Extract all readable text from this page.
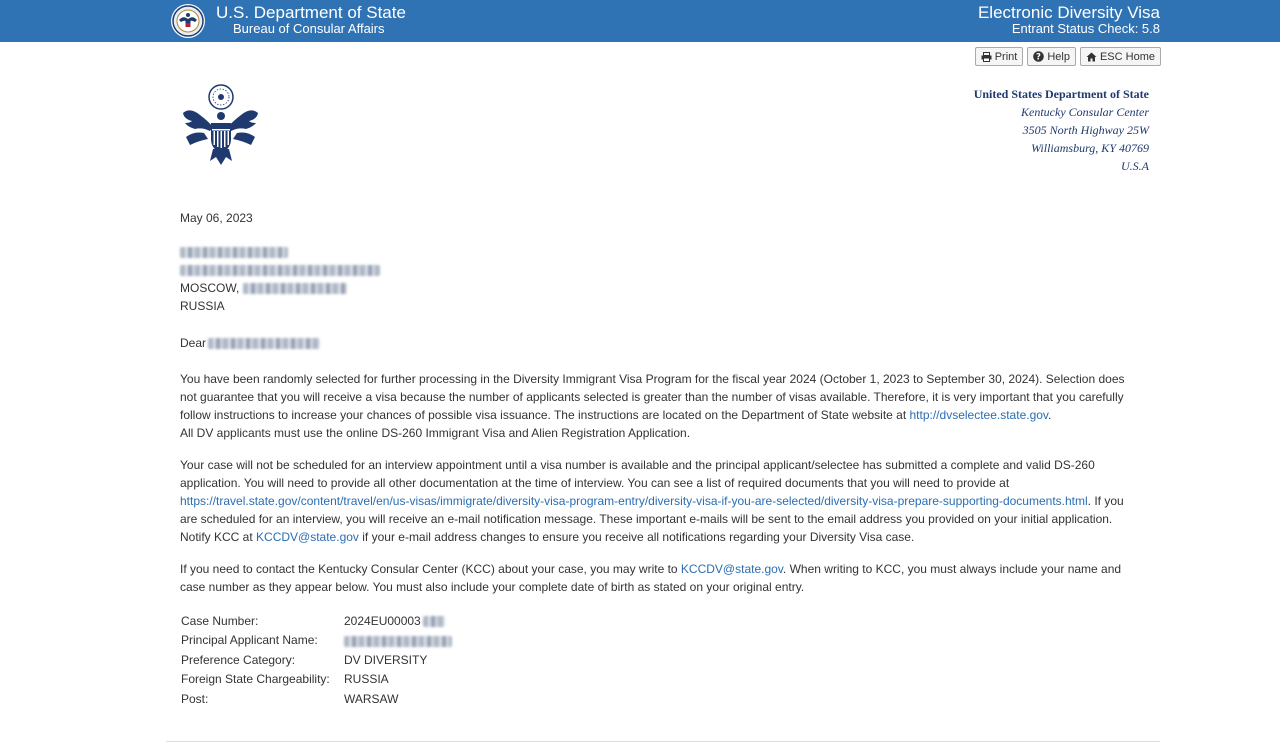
U.S. Department of State
Bureau of Consular Affairs
Electronic Diversity Visa
Entrant Status Check: 5.8
Print ? Help	ESC Home
United States Department of State
Kentucky Consular Center
3505 North Highway 25W
Williamsburg, KY 40769
U.S.A
May 06, 2023
MOSCOW,
RUSSIA
Dear

You have been randomly selected for further processing in the Diversity Immigrant Visa Program for the fiscal year 2024 (October 1, 2023 to September 30, 2024). Selection does not guarantee that you will receive a visa because the number of applicants selected is greater than the number of visas available. Therefore, it is very important that you carefully follow instructions to increase your chances of possible visa issuance. The instructions are located on the Department of State website at http://dvselectee.state.gov.
All DV applicants must use the online DS-260 Immigrant Visa and Alien Registration Application.

Your case will not be scheduled for an interview appointment until a visa number is available and the principal applicant/selectee has submitted a complete and valid DS-260 application. You will need to provide all other documentation at the time of interview. You can see a list of required documents that you will need to provide at https://travel.state.gov/content/travel/en/us-visas/immigrate/diversity-visa-program-entry/diversity-visa-if-you-are-selected/diversity-visa-prepare-supporting-documents.html. If you are scheduled for an interview, you will receive an e-mail notification message. These important e-mails will be sent to the email address you provided on your initial application. Notify KCC at KCCDV@state.gov if your e-mail address changes to ensure you receive all notifications regarding your Diversity Visa case.

If you need to contact the Kentucky Consular Center (KCC) about your case, you may write to KCCDV@state.gov. When writing to KCC, you must always include your name and case number as they appear below. You must also include your complete date of birth as stated on your original entry.

Case Number:	2024EU00003
Principal Applicant Name:	
Preference Category:	DV DIVERSITY
Foreign State Chargeability:	RUSSIA
Post:	WARSAW
